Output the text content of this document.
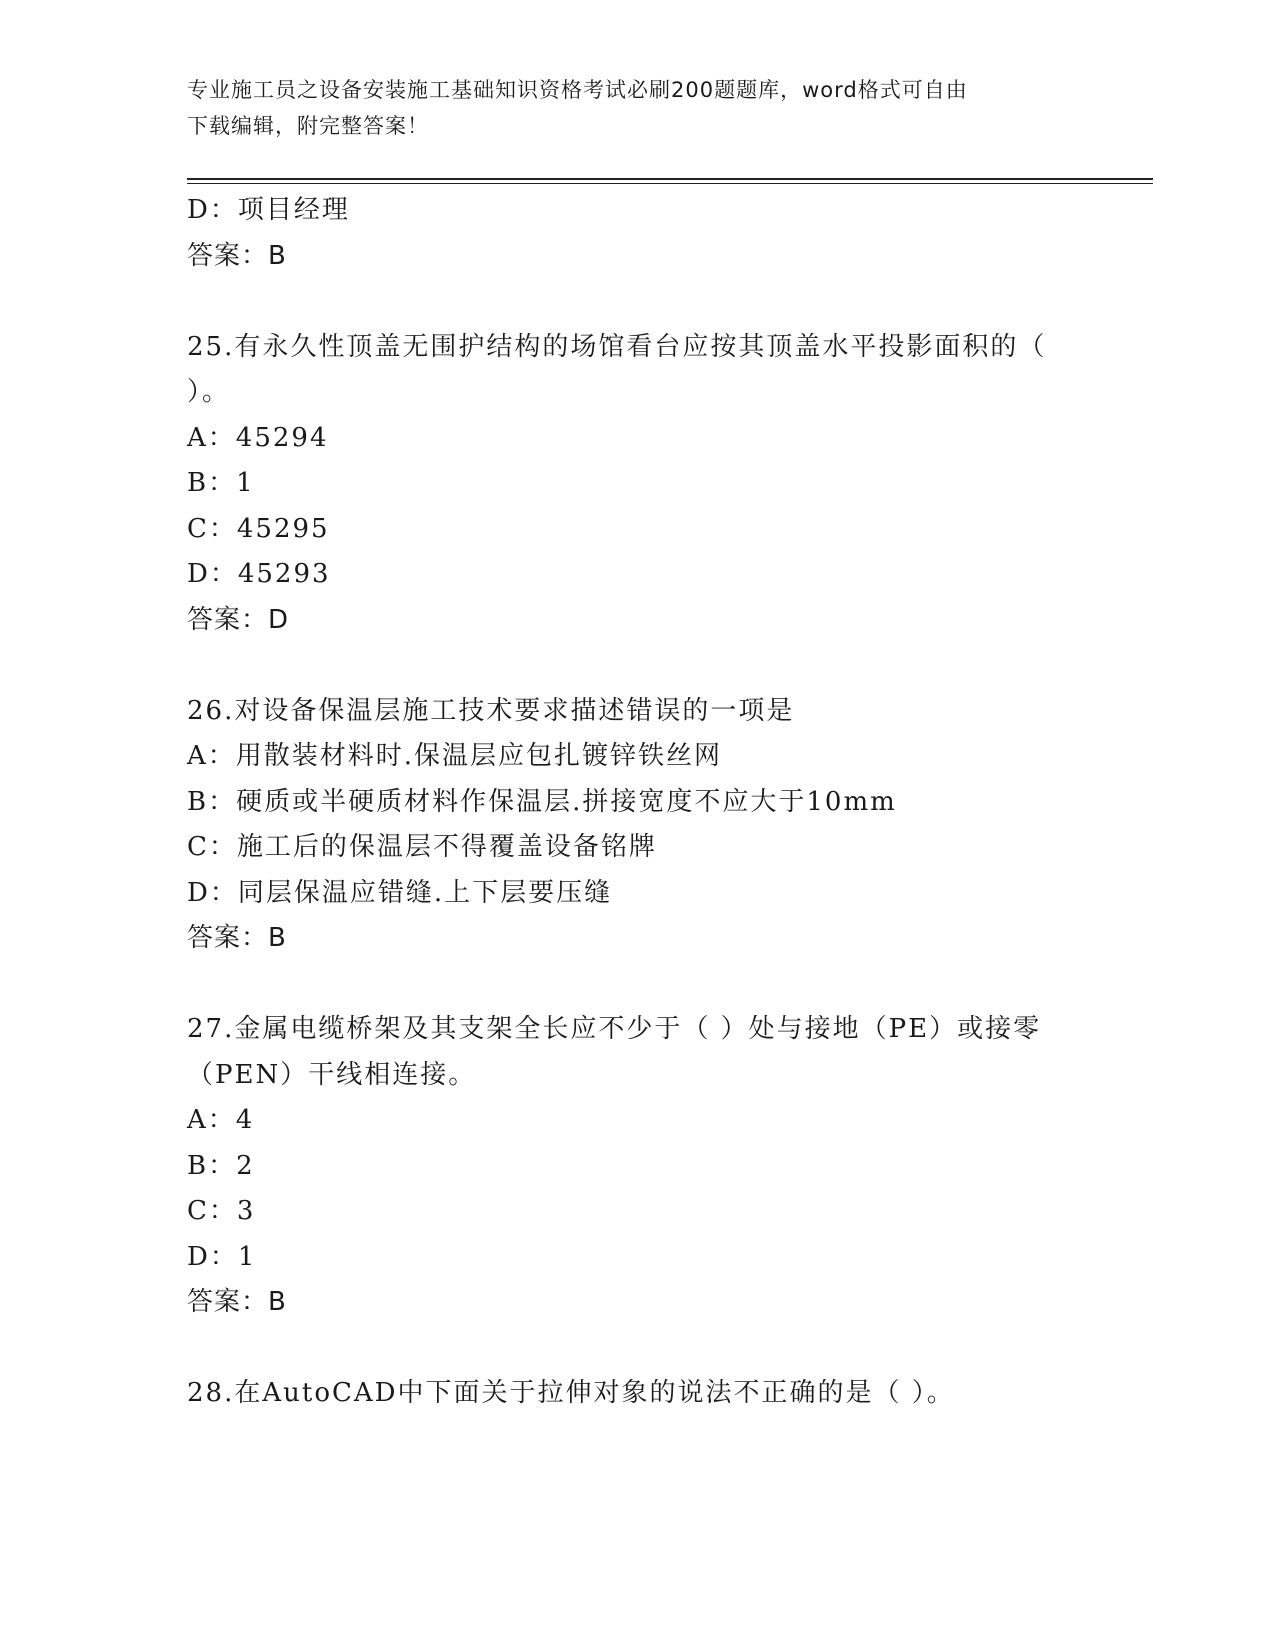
专业施工员之设备安装施工基础知识资格考试必刷200题题库，word格式可自由
下载编辑，附完整答案！
D：项目经理
答案：B
25.有永久性顶盖无围护结构的场馆看台应按其顶盖水平投影面积的（
）。
A：45294
B：1
C：45295
D：45293
答案：D
26.对设备保温层施工技术要求描述错误的一项是
A：用散装材料时.保温层应包扎镀锌铁丝网
B：硬质或半硬质材料作保温层.拼接宽度不应大于10mm
C：施工后的保温层不得覆盖设备铭牌
D：同层保温应错缝.上下层要压缝
答案：B
27.金属电缆桥架及其支架全长应不少于（ ）处与接地（PE）或接零
（PEN）干线相连接。
A：4
B：2
C：3
D：1
答案：B
28.在AutoCAD中下面关于拉伸对象的说法不正确的是（ ）。
